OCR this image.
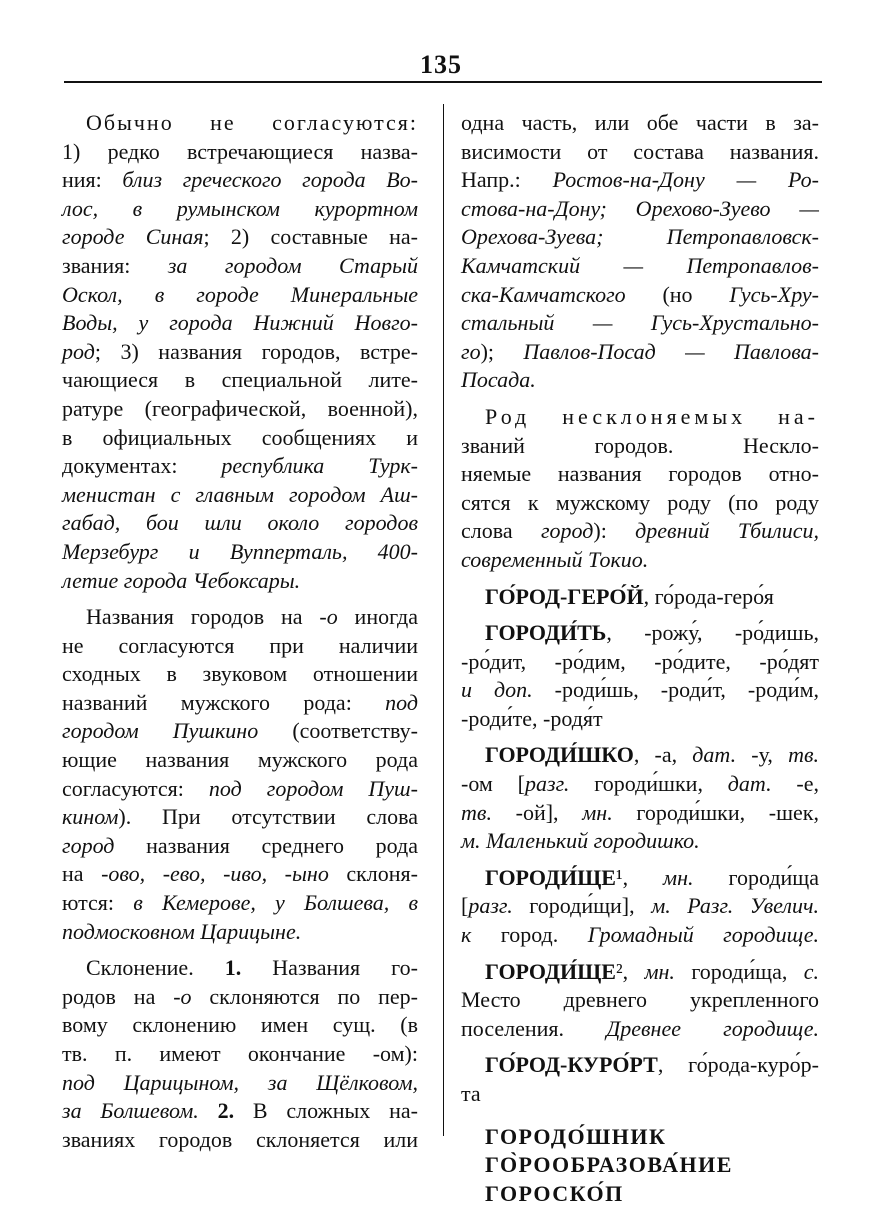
135
Обычно не согласуются:
1) редко встречающиеся назва-
ния: близ греческого города Во-
лос, в румынском курортном
городе Синая; 2) составные на-
звания: за городом Старый
Оскол, в городе Минеральные
Воды, у города Нижний Новго-
род; 3) названия городов, встре-
чающиеся в специальной лите-
ратуре (географической, военной),
в официальных сообщениях и
документах: республика Турк-
менистан с главным городом Аш-
габад, бои шли около городов
Мерзебург и Вупперталь, 400-
летие города Чебоксары.
Названия городов на -о иногда
не согласуются при наличии
сходных в звуковом отношении
названий мужского рода: под
городом Пушкино (соответству-
ющие названия мужского рода
согласуются: под городом Пуш-
кином). При отсутствии слова
город названия среднего рода
на -ово, -ево, -иво, -ыно склоня-
ются: в Кемерове, у Болшева, в
подмосковном Царицыне.
Склонение. 1. Названия го-
родов на -о склоняются по пер-
вому склонению имен сущ. (в
тв. п. имеют окончание -ом):
под Царицыном, за Щёлковом,
за Болшевом. 2. В сложных на-
званиях городов склоняется или
одна часть, или обе части в за-
висимости от состава названия.
Напр.: Ростов-на-Дону — Ро-
стова-на-Дону; Орехово-Зуево —
Орехова-Зуева; Петропавловск-
Камчатский — Петропавлов-
ска-Камчатского (но Гусь-Хру-
стальный — Гусь-Хрустально-
го); Павлов-Посад — Павлова-
Посада.
Род несклоняемых на-
званий городов. Нескло-
няемые названия городов отно-
сятся к мужскому роду (по роду
слова город): древний Тбилиси,
современный Токио.
ГО́РОД-ГЕРО́Й, го́рода-геро́я
ГОРОДИ́ТЬ, -рожу́, -ро́дишь,
-ро́дит, -ро́дим, -ро́дите, -ро́дят
и доп. -роди́шь, -роди́т, -роди́м,
-роди́те, -родя́т
ГОРОДИ́ШКО, -а, дат. -у, тв.
-ом [разг. городи́шки, дат. -е,
тв. -ой], мн. городи́шки, -шек,
м. Маленький городишко.
ГОРОДИ́ЩЕ¹, мн. городи́ща
[разг. городи́щи], м. Разг. Увелич.
к город. Громадный городище.
ГОРОДИ́ЩЕ², мн. городи́ща, с.
Место древнего укрепленного
поселения. Древнее городище.
ГО́РОД-КУРО́РТ, го́рода-куро́р-
та
ГОРОДО́ШНИК
ГО̀РООБРАЗОВА́НИЕ
ГОРОСКО́П
